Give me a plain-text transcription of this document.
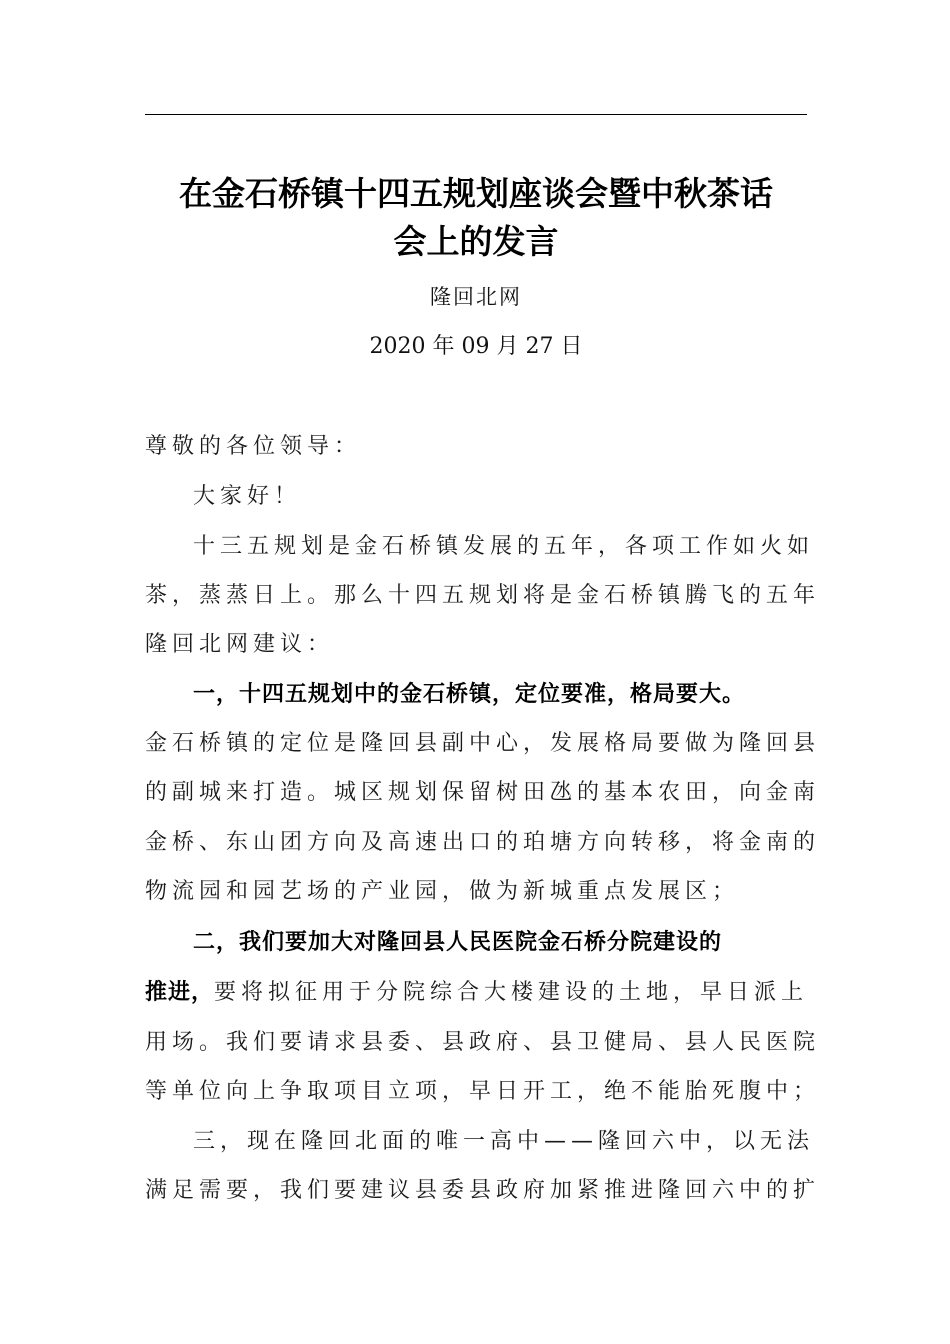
在金石桥镇十四五规划座谈会暨中秋茶话
会上的发言
隆回北网
2020 年 09 月 27 日
尊敬的各位领导：
大家好！
十三五规划是金石桥镇发展的五年，各项工作如火如
茶，蒸蒸日上。那么十四五规划将是金石桥镇腾飞的五年
隆回北网建议：
一，十四五规划中的金石桥镇，定位要准，格局要大。
金石桥镇的定位是隆回县副中心，发展格局要做为隆回县
的副城来打造。城区规划保留树田氹的基本农田，向金南
金桥、东山团方向及高速出口的珀塘方向转移，将金南的
物流园和园艺场的产业园，做为新城重点发展区；
二，我们要加大对隆回县人民医院金石桥分院建设的
推进，要将拟征用于分院综合大楼建设的土地，早日派上
用场。我们要请求县委、县政府、县卫健局、县人民医院
等单位向上争取项目立项，早日开工，绝不能胎死腹中；
三，现在隆回北面的唯一高中——隆回六中，以无法
满足需要，我们要建议县委县政府加紧推进隆回六中的扩
